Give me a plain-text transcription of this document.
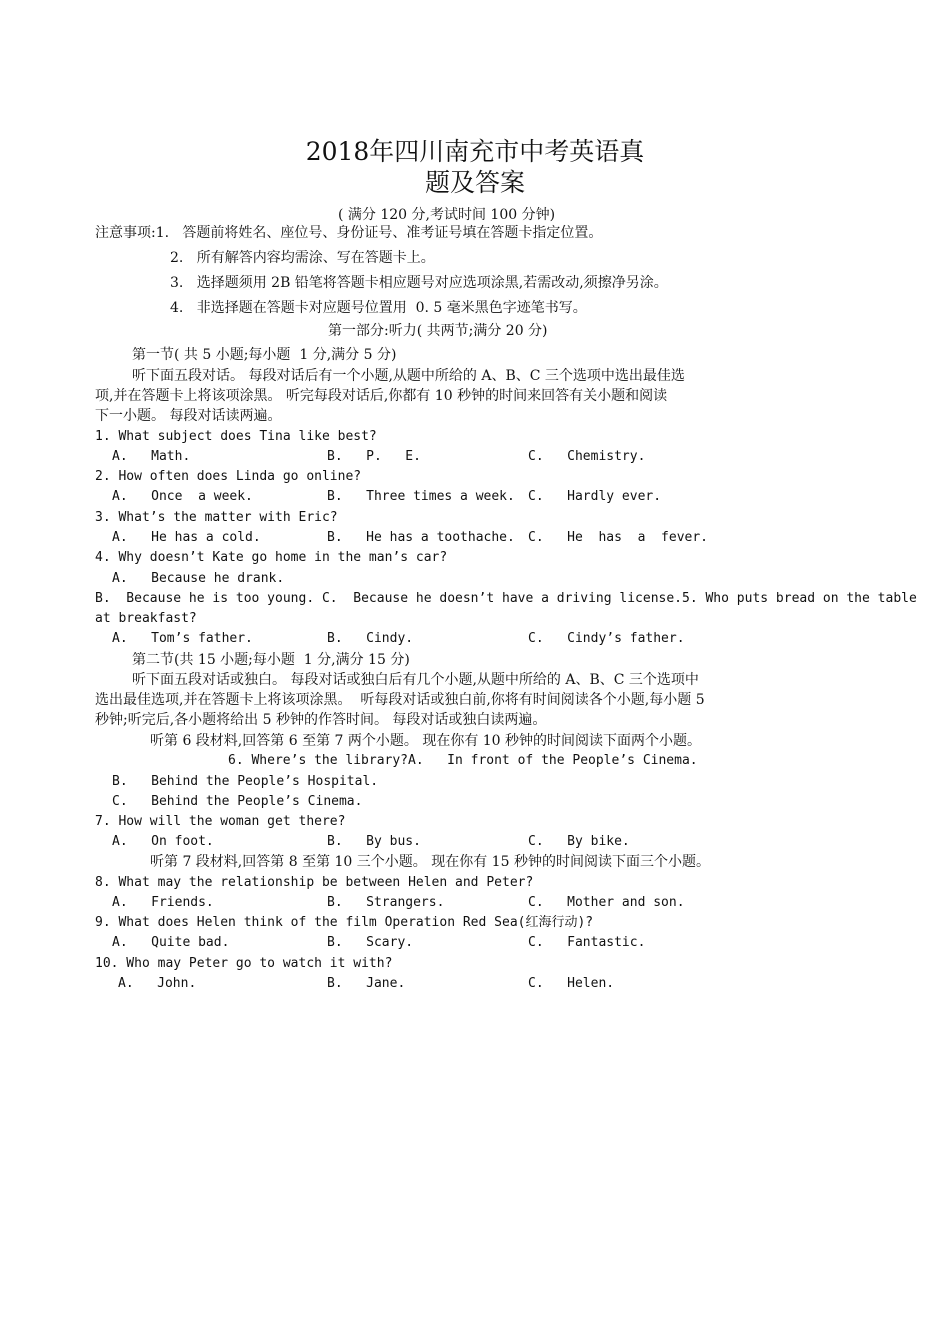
2018年四川南充市中考英语真
题及答案
( 满分 120 分,考试时间 100 分钟)
注意事项:1.   答题前将姓名、座位号、身份证号、准考证号填在答题卡指定位置。
2.   所有解答内容均需涂、写在答题卡上。
3.   选择题须用 2B 铅笔将答题卡相应题号对应选项涂黑,若需改动,须擦净另涂。
4.   非选择题在答题卡对应题号位置用  0. 5 毫米黑色字迹笔书写。
第一部分:听力( 共两节;满分 20 分)
第一节( 共 5 小题;每小题  1 分,满分 5 分)
听下面五段对话。 每段对话后有一个小题,从题中所给的 A、B、C 三个选项中选出最佳选
项,并在答题卡上将该项涂黑。 听完每段对话后,你都有 10 秒钟的时间来回答有关小题和阅读
下一小题。 每段对话读两遍。
1. What subject does Tina like best?
A.   Math.	B.   P.   E.	C.   Chemistry.
2. How often does Linda go online?
A.   Once  a week.	B.   Three times a week. C.   Hardly ever.
3. What’s the matter with Eric?
A.   He has a cold.	B.   He has a toothache. C.   He  has  a  fever.
4. Why doesn’t Kate go home in the man’s car?
A.   Because he drank.
B.  Because he is too young. C.  Because he doesn’t have a driving license.5. Who puts bread on the table
at breakfast?
A.   Tom’s father.	B.   Cindy.	C.   Cindy’s father.
第二节(共 15 小题;每小题  1 分,满分 15 分)
听下面五段对话或独白。 每段对话或独白后有几个小题,从题中所给的 A、B、C 三个选项中
选出最佳选项,并在答题卡上将该项涂黑。  听每段对话或独白前,你将有时间阅读各个小题,每小题 5
秒钟;听完后,各小题将给出 5 秒钟的作答时间。 每段对话或独白读两遍。
听第 6 段材料,回答第 6 至第 7 两个小题。 现在你有 10 秒钟的时间阅读下面两个小题。
6. Where’s the library?A.   In front of the People’s Cinema.
B.   Behind the People’s Hospital.
C.   Behind the People’s Cinema.
7. How will the woman get there?
A.   On foot.	B.   By bus.	C.   By bike.
听第 7 段材料,回答第 8 至第 10 三个小题。 现在你有 15 秒钟的时间阅读下面三个小题。
8. What may the relationship be between Helen and Peter?
A.   Friends.	B.   Strangers.	C.   Mother and son.
9. What does Helen think of the film Operation Red Sea(红海行动)?
A.   Quite bad.	B.   Scary.	C.   Fantastic.
10. Who may Peter go to watch it with?
A.   John.	B.   Jane.	C.   Helen.
